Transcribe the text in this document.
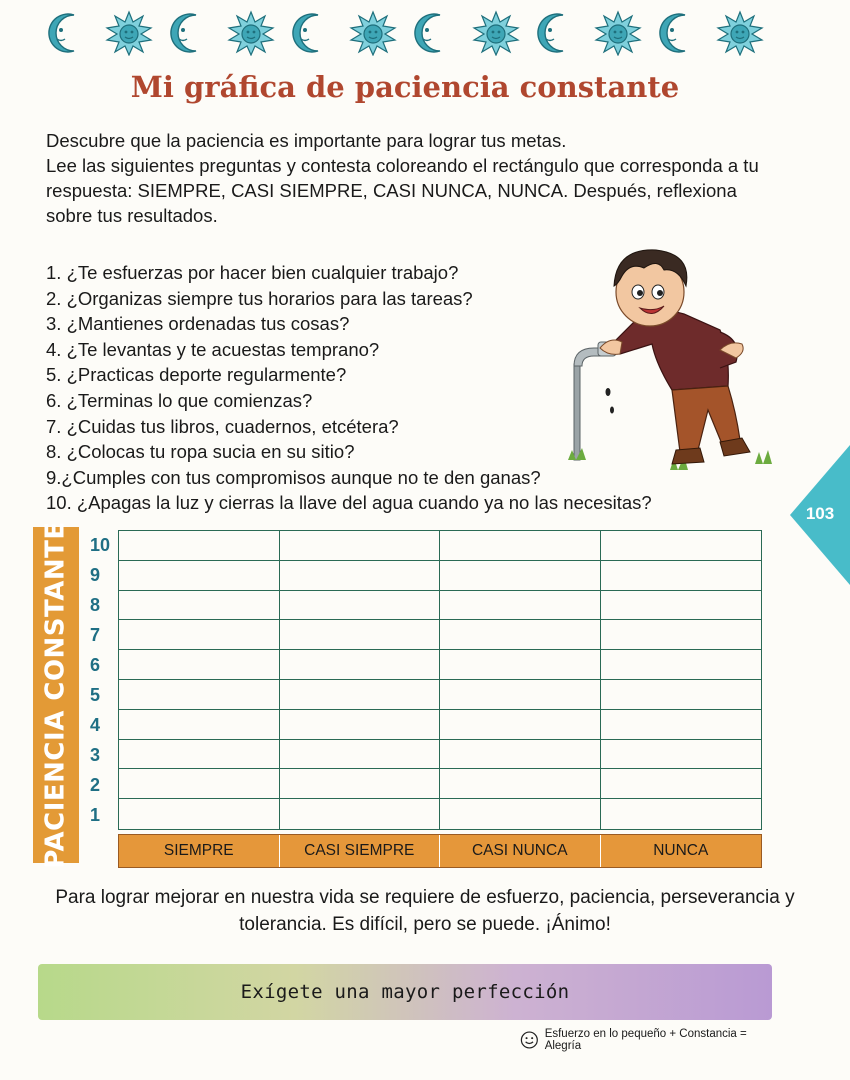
Mi gráfica de paciencia constante

Descubre que la paciencia es importante para lograr tus metas.

Lee las siguientes preguntas y contesta coloreando el rectángulo que corresponda a tu respuesta: SIEMPRE, CASI SIEMPRE, CASI NUNCA, NUNCA. Después, reflexiona sobre tus resultados.

1. ¿Te esfuerzas por hacer bien cualquier trabajo?
2. ¿Organizas siempre tus horarios para las tareas?
3. ¿Mantienes ordenadas tus cosas?
4. ¿Te levantas y te acuestas temprano?
5. ¿Practicas deporte regularmente?
6. ¿Terminas lo que comienzas?
7. ¿Cuidas tus libros, cuadernos, etcétera?
8. ¿Colocas tu ropa sucia en su sitio?
9.¿Cumples con tus compromisos aunque no te den ganas?
10. ¿Apagas la luz y cierras la llave del agua cuando ya no las necesitas?
103
PACIENCIA CONSTANTE	10
9
8
7
6
5
4
3
2
1
SIEMPRE	CASI SIEMPRE	CASI NUNCA	NUNCA

Para lograr mejorar en nuestra vida se requiere de esfuerzo, paciencia, perseverancia y tolerancia. Es difícil, pero se puede. ¡Ánimo!

Exígete una mayor perfección
Esfuerzo en lo pequeño + Constancia = Alegría
